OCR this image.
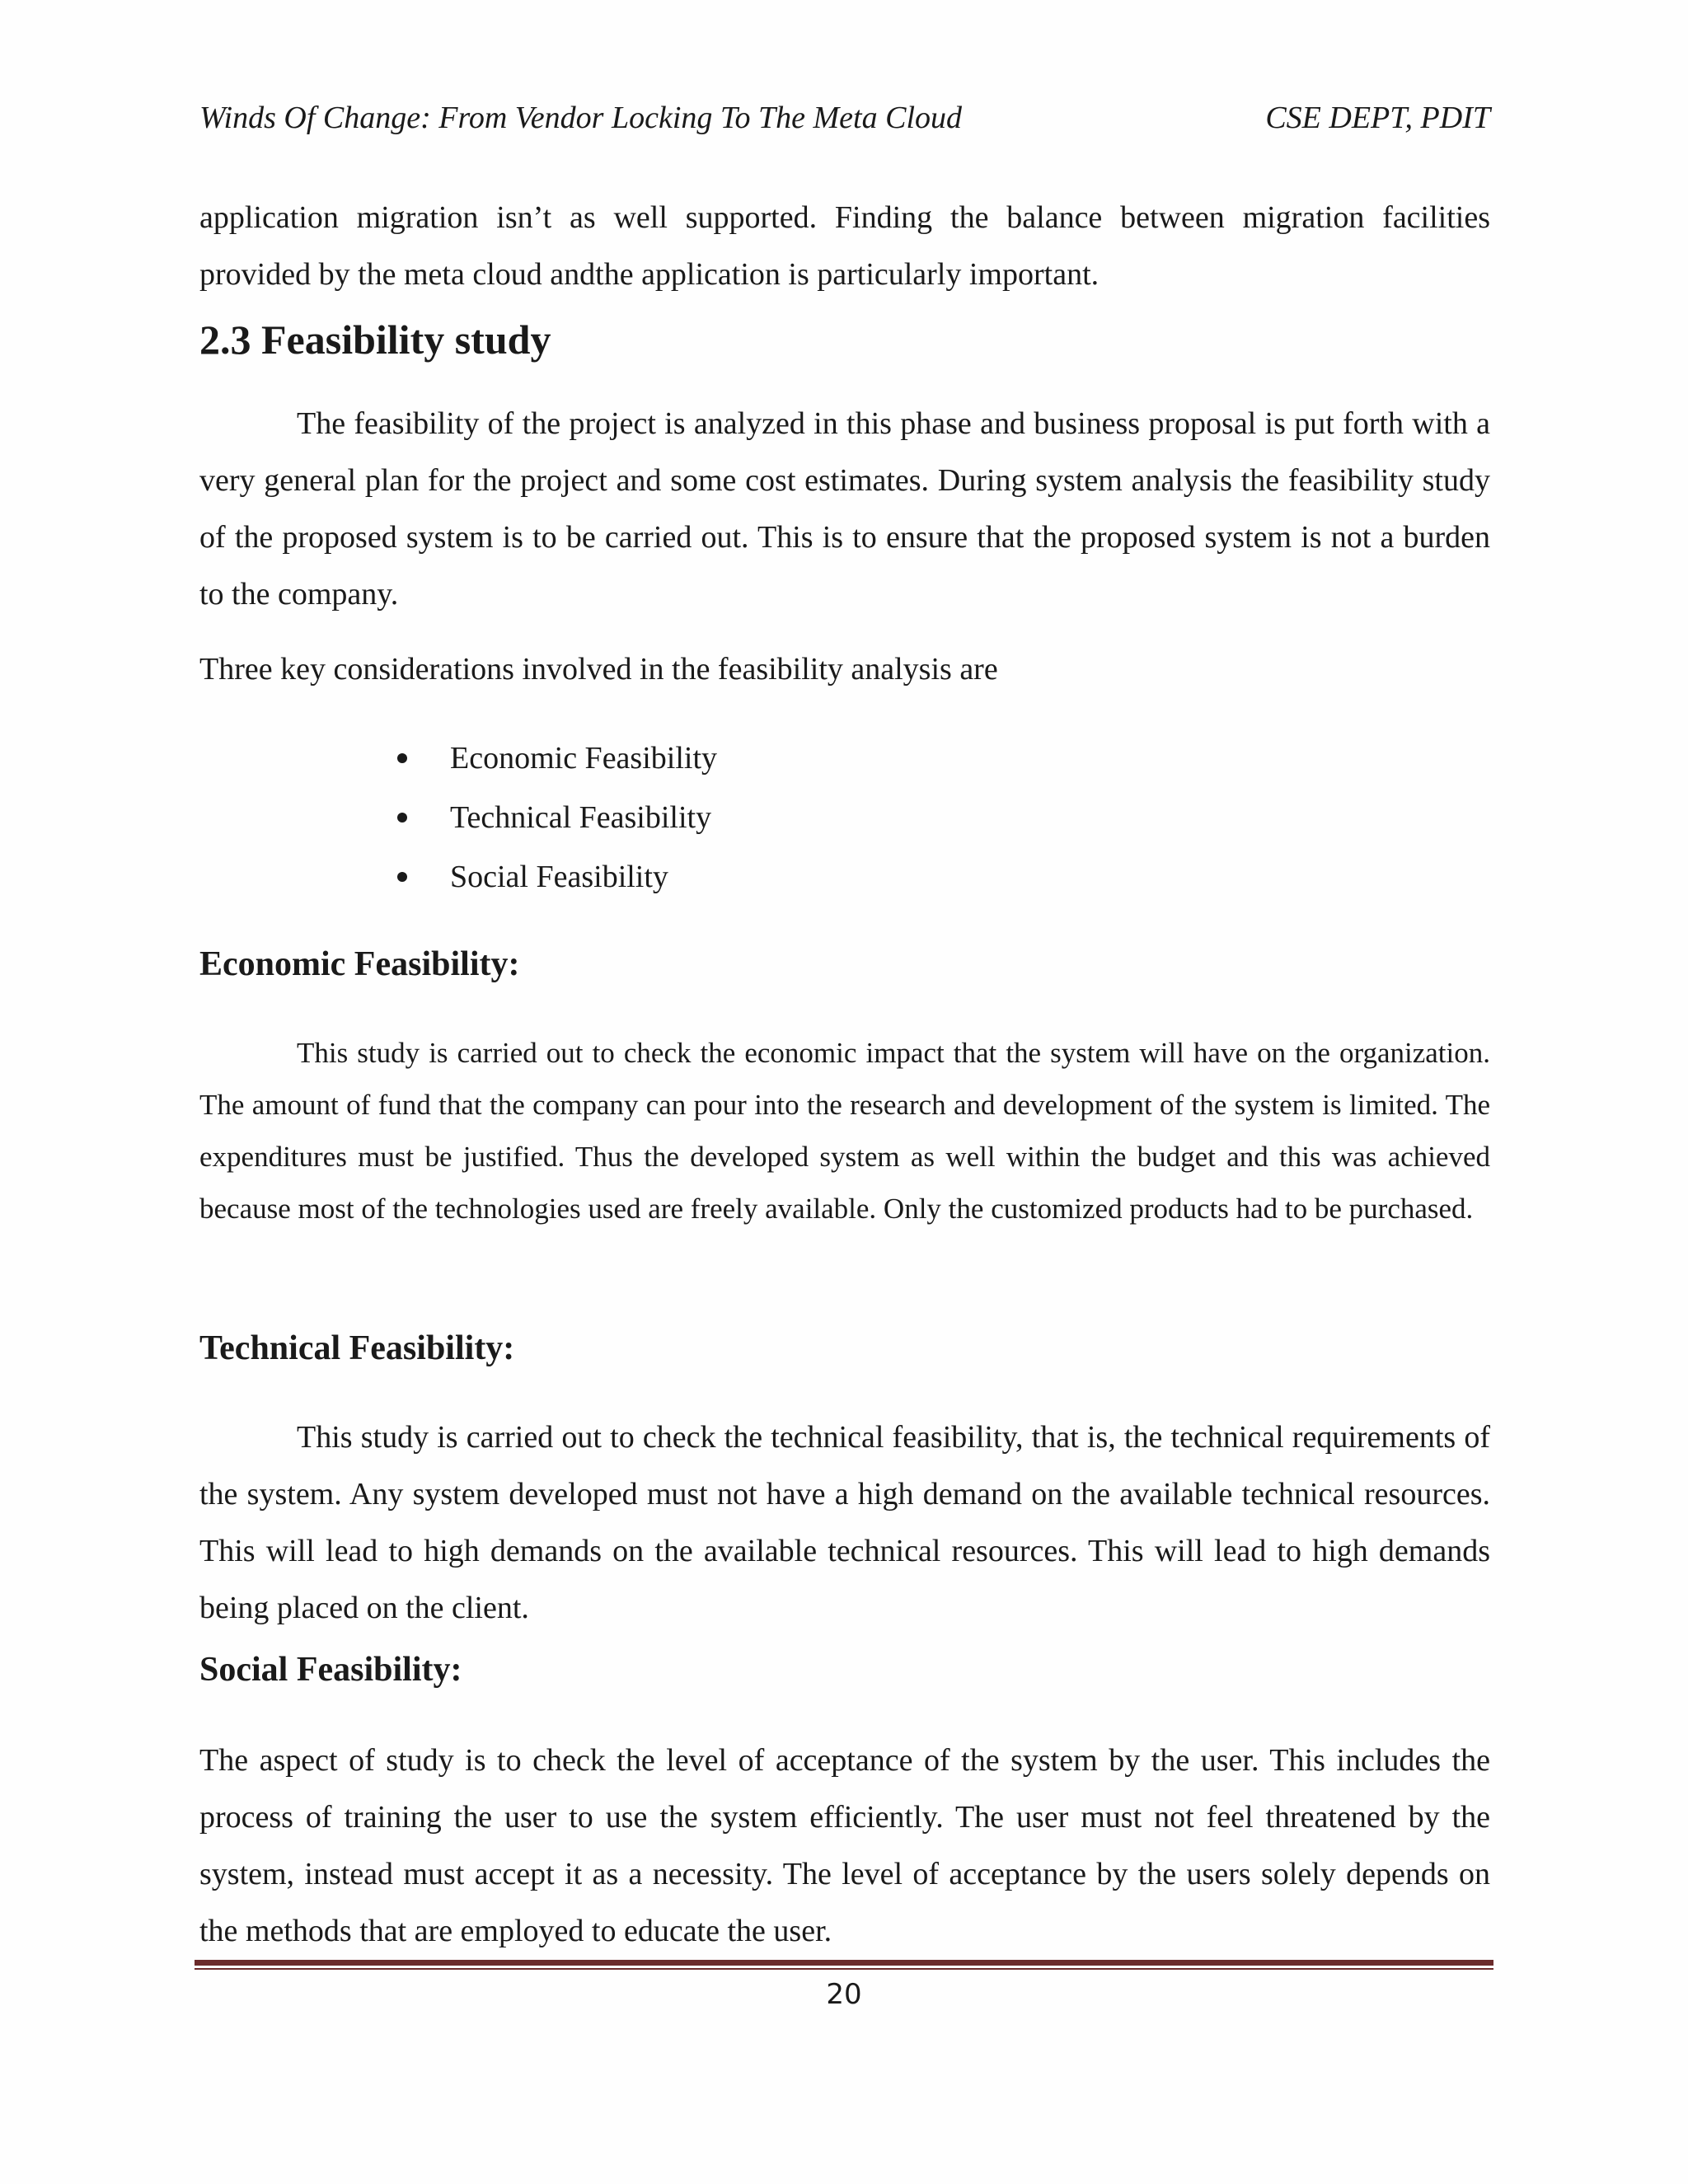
Winds Of Change: From Vendor Locking To The Meta Cloud	CSE DEPT, PDIT

application migration isn’t as well supported. Finding the balance between migration facilities provided by the meta cloud andthe application is particularly important.

2.3 Feasibility study

The feasibility of the project is analyzed in this phase and business proposal is put forth with a very general plan for the project and some cost estimates. During system analysis the feasibility study of the proposed system is to be carried out. This is to ensure that the proposed system is not a burden to the company.

Three key considerations involved in the feasibility analysis are

Economic Feasibility
Technical Feasibility
Social Feasibility
Economic Feasibility:

This study is carried out to check the economic impact that the system will have on the organization. The amount of fund that the company can pour into the research and development of the system is limited. The expenditures must be justified. Thus the developed system as well within the budget and this was achieved because most of the technologies used are freely available. Only the customized products had to be purchased.

Technical Feasibility:

This study is carried out to check the technical feasibility, that is, the technical requirements of the system. Any system developed must not have a high demand on the available technical resources. This will lead to high demands on the available technical resources. This will lead to high demands being placed on the client.

Social Feasibility:

The aspect of study is to check the level of acceptance of the system by the user. This includes the process of training the user to use the system efficiently. The user must not feel threatened by the system, instead must accept it as a necessity. The level of acceptance by the users solely depends on the methods that are employed to educate the user.

20
